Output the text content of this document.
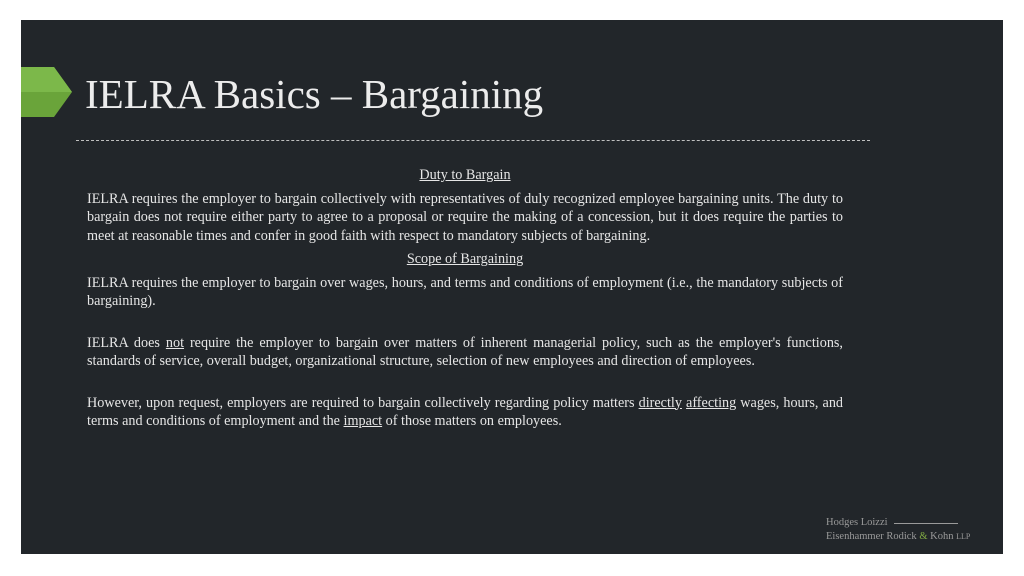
IELRA Basics – Bargaining
Duty to Bargain

IELRA requires the employer to bargain collectively with representatives of duly recognized employee bargaining units. The duty to bargain does not require either party to agree to a proposal or require the making of a concession, but it does require the parties to meet at reasonable times and confer in good faith with respect to mandatory subjects of bargaining.

Scope of Bargaining

IELRA requires the employer to bargain over wages, hours, and terms and conditions of employment (i.e., the mandatory subjects of bargaining).

IELRA does not require the employer to bargain over matters of inherent managerial policy, such as the employer's functions, standards of service, overall budget, organizational structure, selection of new employees and direction of employees.

However, upon request, employers are required to bargain collectively regarding policy matters directly affecting wages, hours, and terms and conditions of employment and the impact of those matters on employees.

Hodges Loizzi
Eisenhammer Rodick & Kohn LLP
